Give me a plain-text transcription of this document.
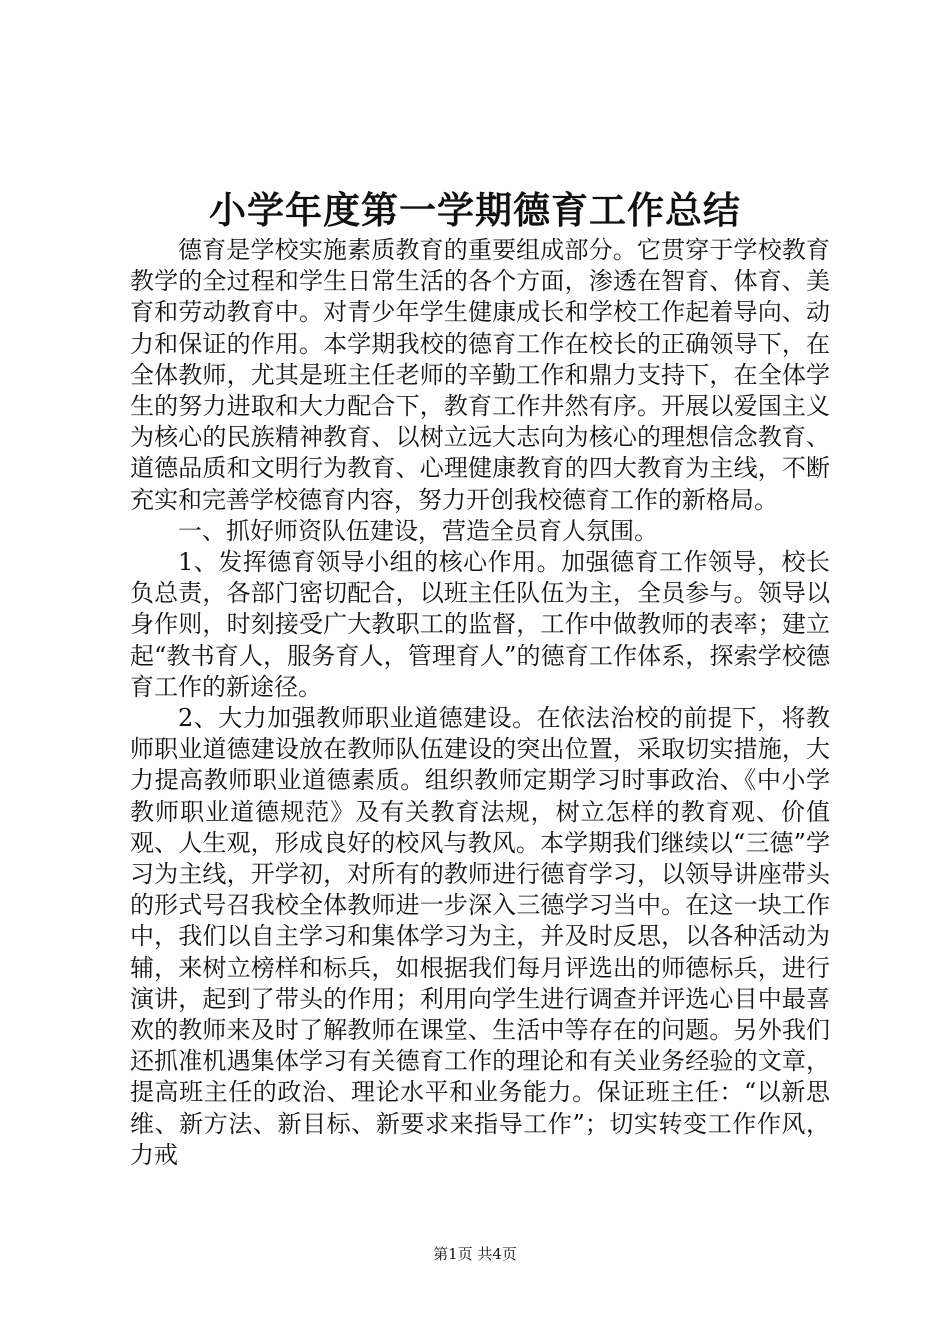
小学年度第一学期德育工作总结

德育是学校实施素质教育的重要组成部分。它贯穿于学校教育教学的全过程和学生日常生活的各个方面，渗透在智育、体育、美育和劳动教育中。对青少年学生健康成长和学校工作起着导向、动力和保证的作用。本学期我校的德育工作在校长的正确领导下，在全体教师，尤其是班主任老师的辛勤工作和鼎力支持下，在全体学生的努力进取和大力配合下，教育工作井然有序。开展以爱国主义为核心的民族精神教育、以树立远大志向为核心的理想信念教育、道德品质和文明行为教育、心理健康教育的四大教育为主线，不断充实和完善学校德育内容，努力开创我校德育工作的新格局。

一、抓好师资队伍建设，营造全员育人氛围。

1、发挥德育领导小组的核心作用。加强德育工作领导，校长负总责，各部门密切配合，以班主任队伍为主，全员参与。领导以身作则，时刻接受广大教职工的监督，工作中做教师的表率；建立起“教书育人，服务育人，管理育人”的德育工作体系，探索学校德育工作的新途径。

2、大力加强教师职业道德建设。在依法治校的前提下，将教师职业道德建设放在教师队伍建设的突出位置，采取切实措施，大力提高教师职业道德素质。组织教师定期学习时事政治、《中小学教师职业道德规范》及有关教育法规，树立怎样的教育观、价值观、人生观，形成良好的校风与教风。本学期我们继续以“三德”学习为主线，开学初，对所有的教师进行德育学习，以领导讲座带头的形式号召我校全体教师进一步深入三德学习当中。在这一块工作中，我们以自主学习和集体学习为主，并及时反思，以各种活动为辅，来树立榜样和标兵，如根据我们每月评选出的师德标兵，进行演讲，起到了带头的作用；利用向学生进行调查并评选心目中最喜欢的教师来及时了解教师在课堂、生活中等存在的问题。另外我们还抓准机遇集体学习有关德育工作的理论和有关业务经验的文章，提高班主任的政治、理论水平和业务能力。保证班主任：“以新思维、新方法、新目标、新要求来指导工作”；切实转变工作作风，力戒

第1页 共4页
